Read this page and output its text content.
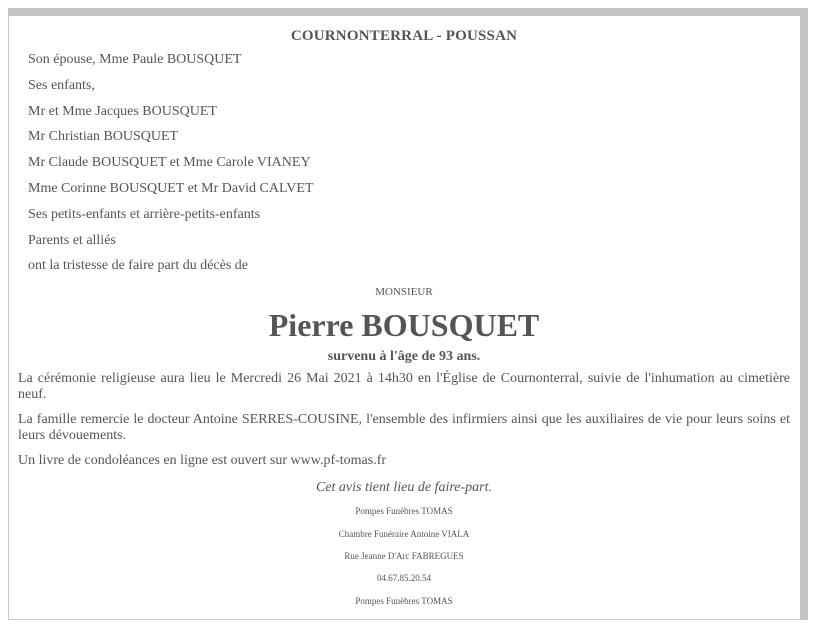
COURNONTERRAL - POUSSAN
Son épouse, Mme Paule BOUSQUET
Ses enfants,
Mr et Mme Jacques BOUSQUET
Mr Christian BOUSQUET
Mr Claude BOUSQUET et Mme Carole VIANEY
Mme Corinne BOUSQUET et Mr David CALVET
Ses petits-enfants et arrière-petits-enfants
Parents et alliés
ont la tristesse de faire part du décès de
MONSIEUR
Pierre BOUSQUET
survenu à l'âge de 93 ans.
La cérémonie religieuse aura lieu le Mercredi 26 Mai 2021 à 14h30 en l'Église de Cournonterral, suivie de l'inhumation au cimetière neuf.
La famille remercie le docteur Antoine SERRES-COUSINE, l'ensemble des infirmiers ainsi que les auxiliaires de vie pour leurs soins et leurs dévouements.
Un livre de condoléances en ligne est ouvert sur www.pf-tomas.fr
Cet avis tient lieu de faire-part.
Pompes Funèbres TOMAS
Chambre Funéraire Antoine VIALA
Rue Jeanne D'Arc FABREGUES
04.67.85.20.54
Pompes Funèbres TOMAS
